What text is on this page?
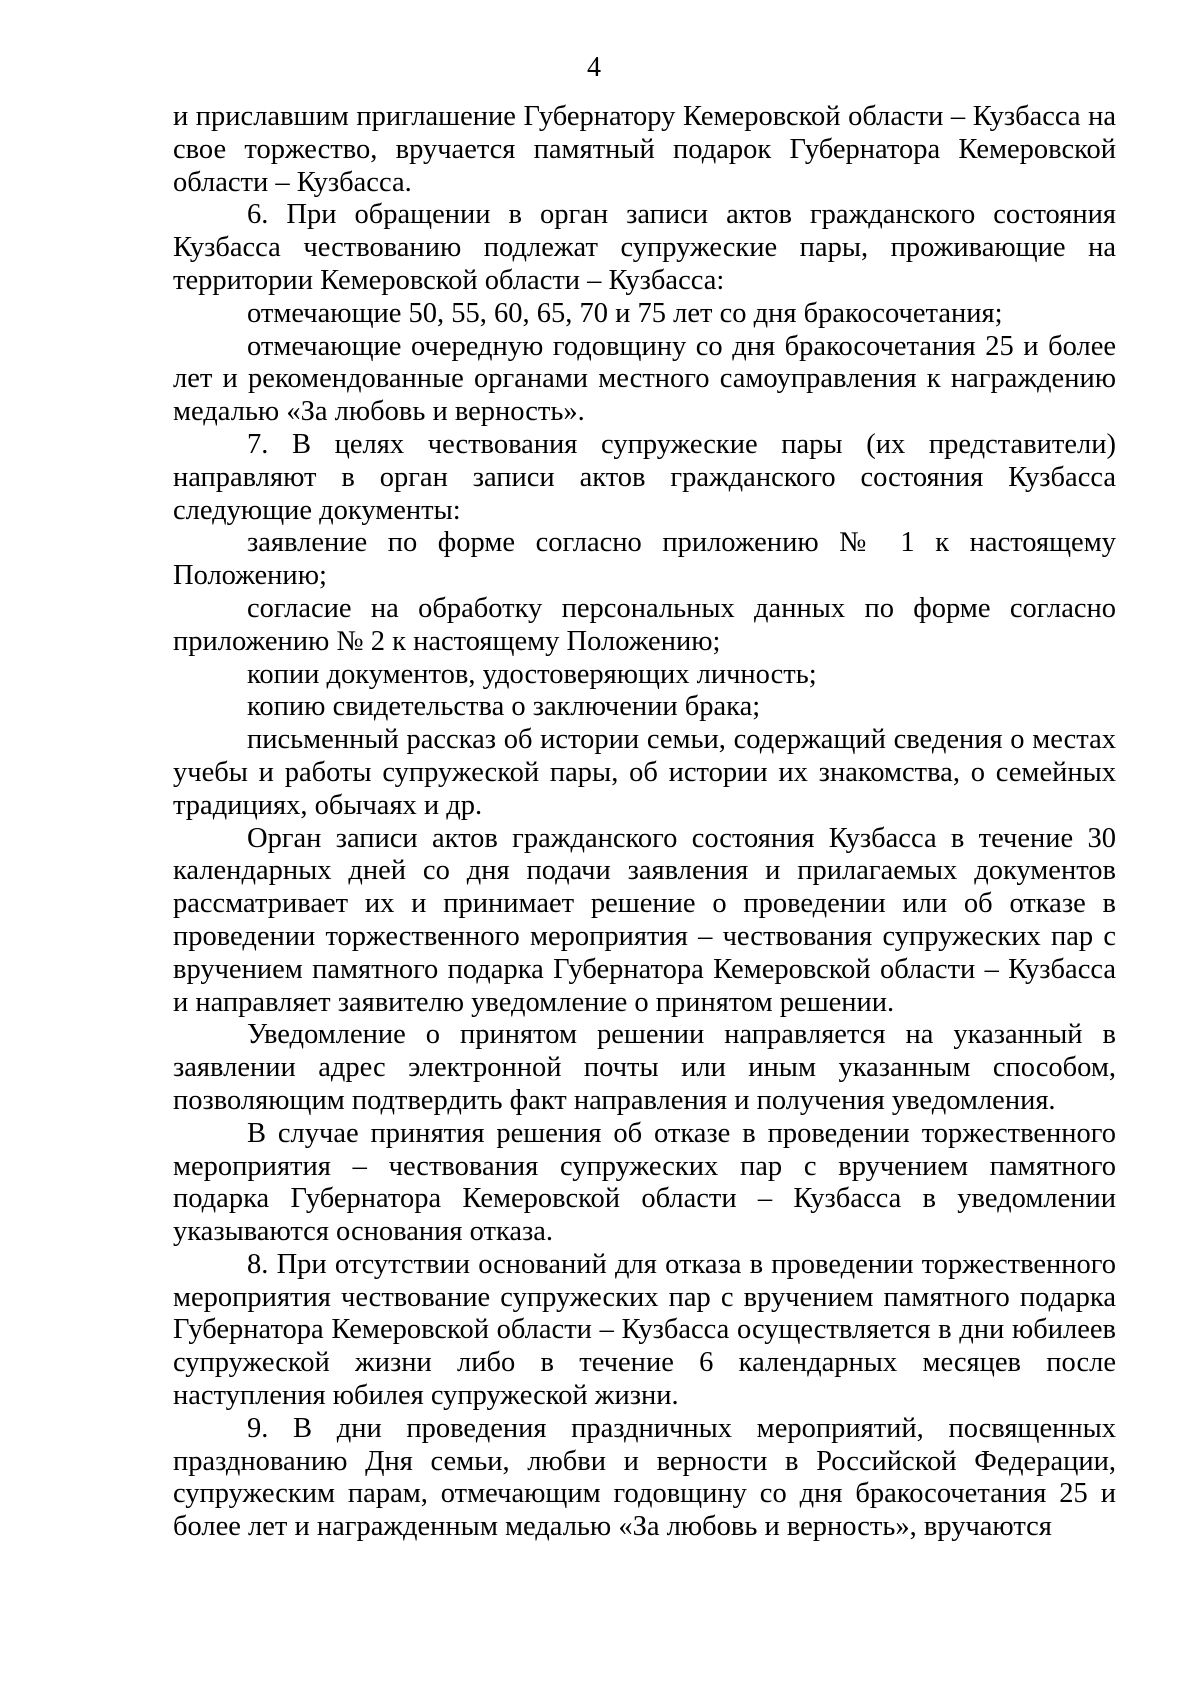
4

и приславшим приглашение Губернатору Кемеровской области – Кузбасса на свое торжество, вручается памятный подарок Губернатора Кемеровской области – Кузбасса.

6. При обращении в орган записи актов гражданского состояния Кузбасса чествованию подлежат супружеские пары, проживающие на территории Кемеровской области – Кузбасса:

отмечающие 50, 55, 60, 65, 70 и 75 лет со дня бракосочетания;

отмечающие очередную годовщину со дня бракосочетания 25 и более лет и рекомендованные органами местного самоуправления к награждению медалью «За любовь и верность».

7. В целях чествования супружеские пары (их представители) направляют в орган записи актов гражданского состояния Кузбасса следующие документы:

заявление по форме согласно приложению № 1 к настоящему Положению;

согласие на обработку персональных данных по форме согласно приложению № 2 к настоящему Положению;

копии документов, удостоверяющих личность;

копию свидетельства о заключении брака;

письменный рассказ об истории семьи, содержащий сведения о местах учебы и работы супружеской пары, об истории их знакомства, о семейных традициях, обычаях и др.

Орган записи актов гражданского состояния Кузбасса в течение 30 календарных дней со дня подачи заявления и прилагаемых документов рассматривает их и принимает решение о проведении или об отказе в проведении торжественного мероприятия – чествования супружеских пар с вручением памятного подарка Губернатора Кемеровской области – Кузбасса и направляет заявителю уведомление о принятом решении.

Уведомление о принятом решении направляется на указанный в заявлении адрес электронной почты или иным указанным способом, позволяющим подтвердить факт направления и получения уведомления.

В случае принятия решения об отказе в проведении торжественного мероприятия – чествования супружеских пар с вручением памятного подарка Губернатора Кемеровской области – Кузбасса в уведомлении указываются основания отказа.

8. При отсутствии оснований для отказа в проведении торжественного мероприятия чествование супружеских пар с вручением памятного подарка Губернатора Кемеровской области – Кузбасса осуществляется в дни юбилеев супружеской жизни либо в течение 6 календарных месяцев после наступления юбилея супружеской жизни.

9. В дни проведения праздничных мероприятий, посвященных празднованию Дня семьи, любви и верности в Российской Федерации, супружеским парам, отмечающим годовщину со дня бракосочетания 25 и более лет и награжденным медалью «За любовь и верность», вручаются
